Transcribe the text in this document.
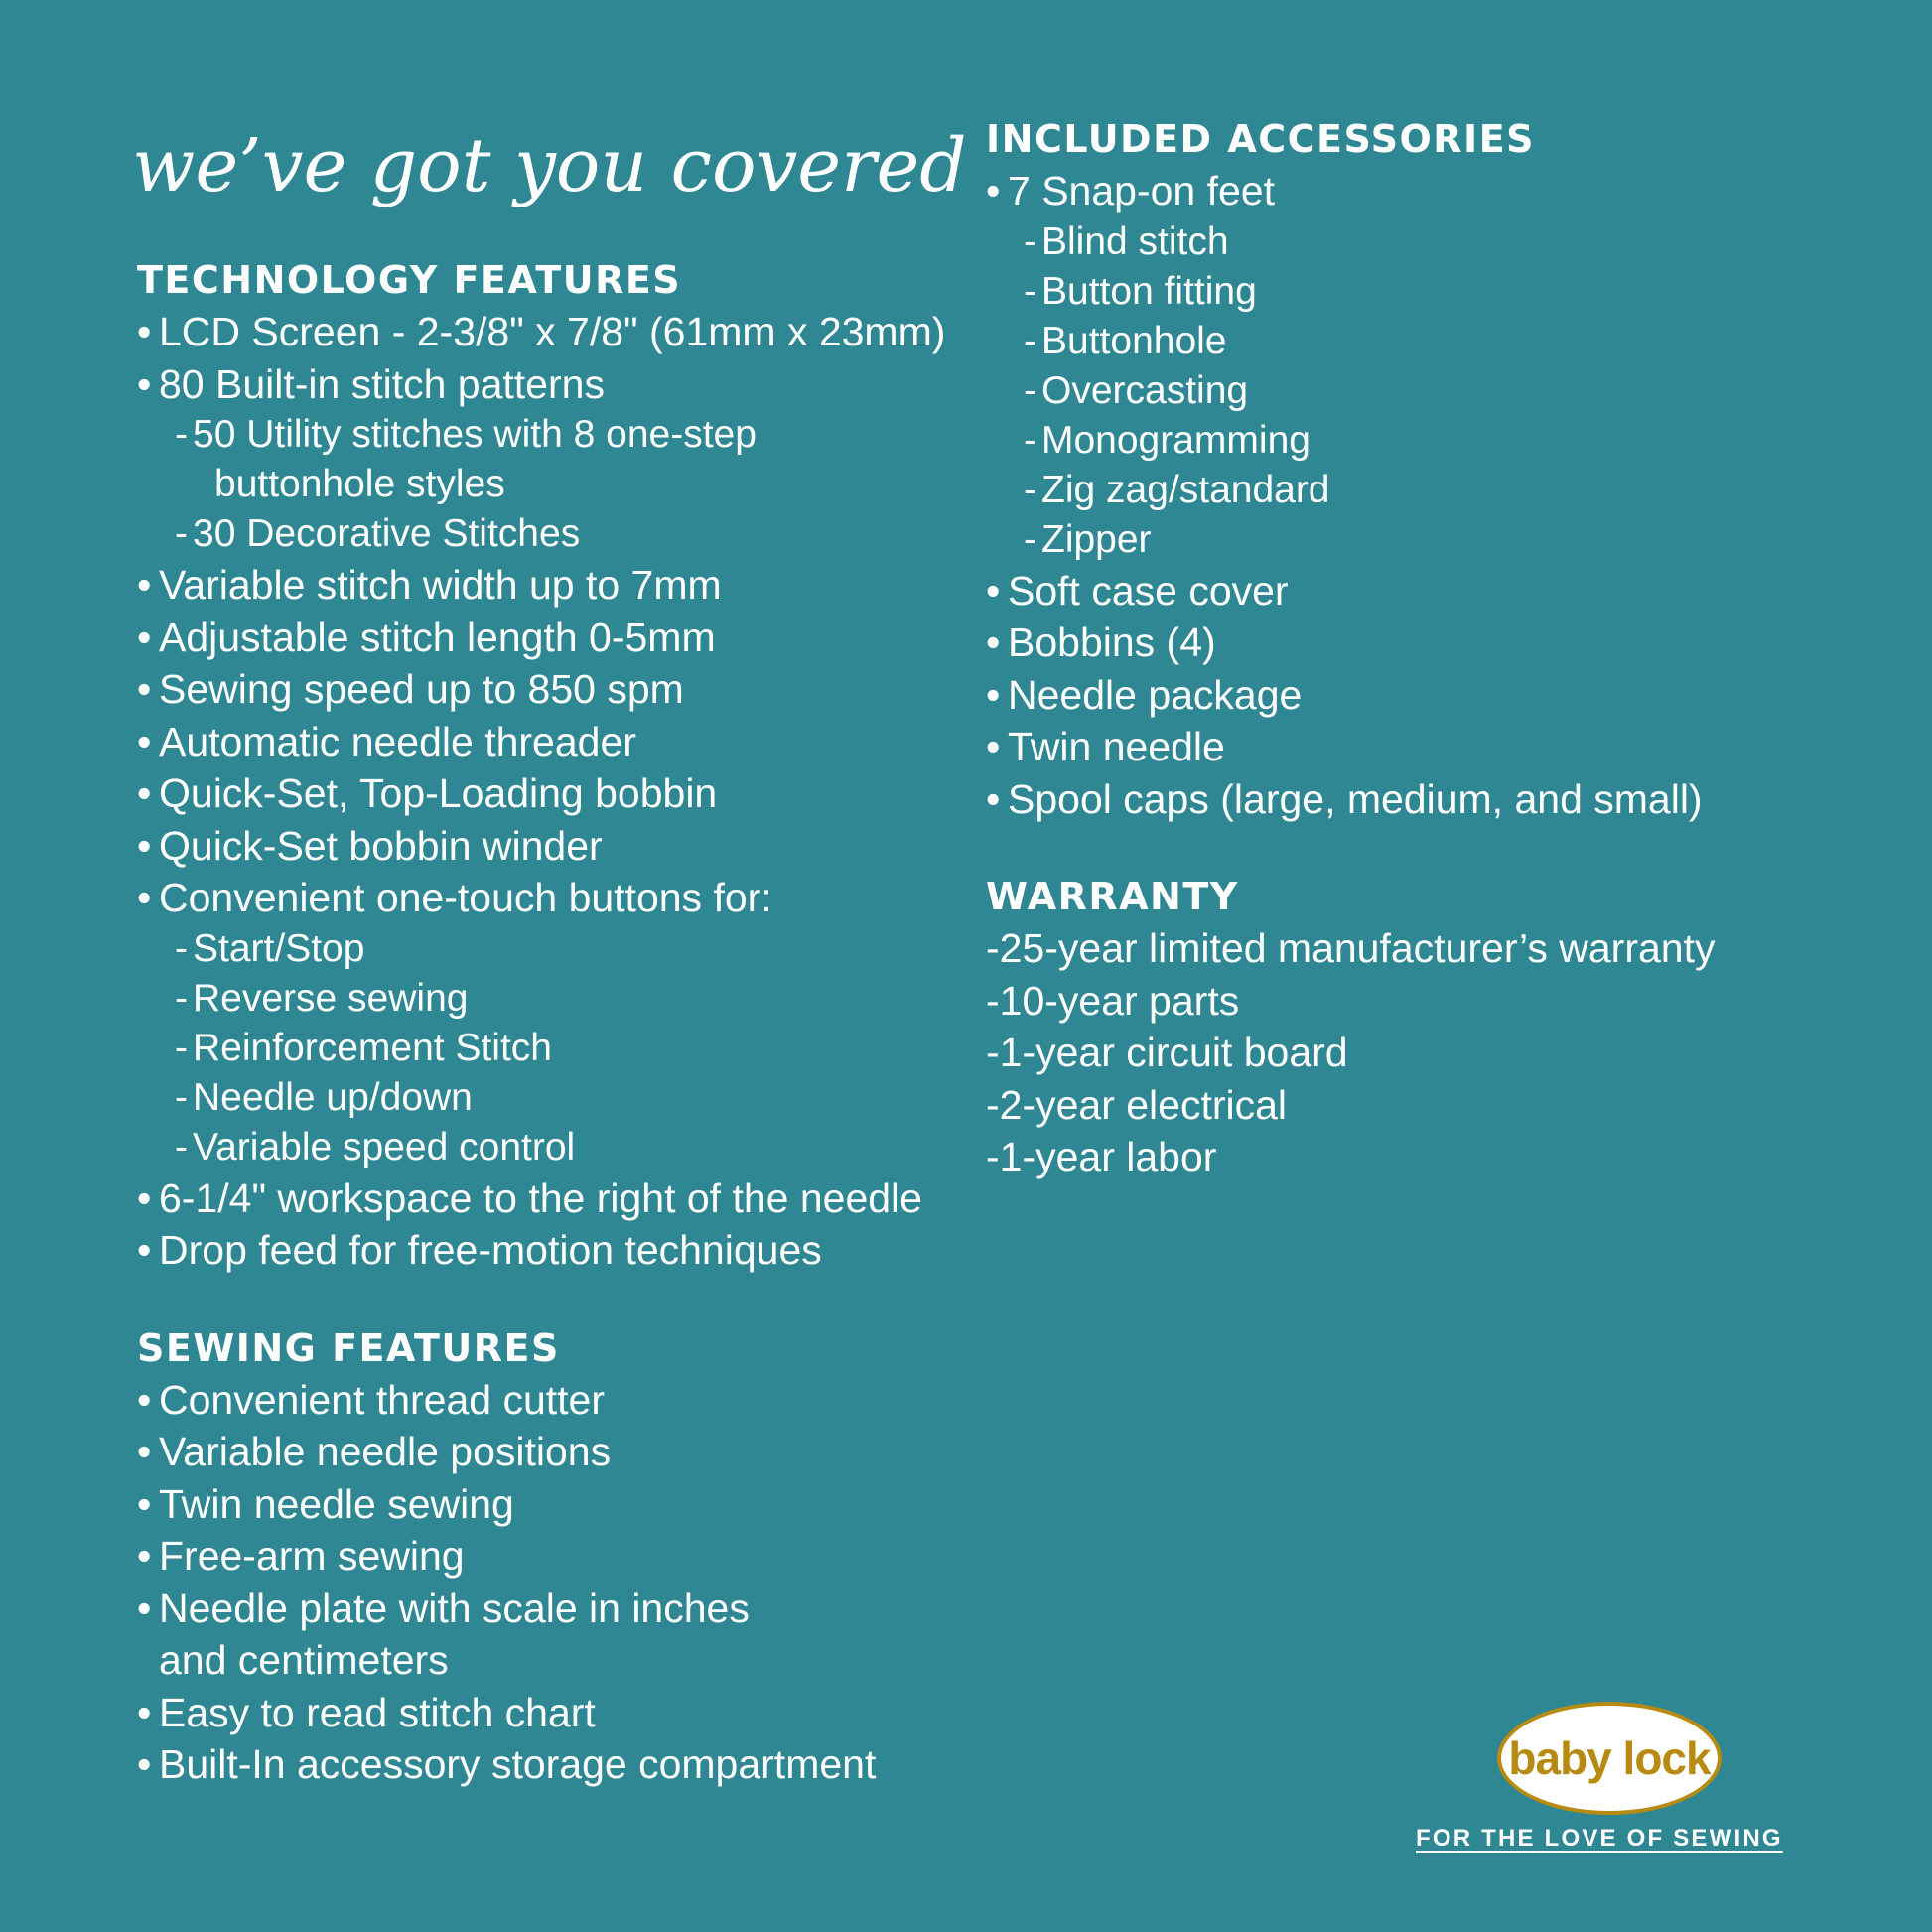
we’ve got you covered
TECHNOLOGY FEATURES
• LCD Screen - 2-3/8" x 7/8" (61mm x 23mm)
• 80 Built-in stitch patterns
- 50 Utility stitches with 8 one-step
buttonhole styles
- 30 Decorative Stitches
• Variable stitch width up to 7mm
• Adjustable stitch length 0-5mm
• Sewing speed up to 850 spm
• Automatic needle threader
• Quick-Set, Top-Loading bobbin
• Quick-Set bobbin winder
• Convenient one-touch buttons for:
- Start/Stop
- Reverse sewing
- Reinforcement Stitch
- Needle up/down
- Variable speed control
• 6-1/4" workspace to the right of the needle
• Drop feed for free-motion techniques
SEWING FEATURES
• Convenient thread cutter
• Variable needle positions
• Twin needle sewing
• Free-arm sewing
• Needle plate with scale in inches
and centimeters
• Easy to read stitch chart
• Built-In accessory storage compartment
INCLUDED ACCESSORIES
• 7 Snap-on feet
- Blind stitch
- Button fitting
- Buttonhole
- Overcasting
- Monogramming
- Zig zag/standard
- Zipper
• Soft case cover
• Bobbins (4)
• Needle package
• Twin needle
• Spool caps (large, medium, and small)
WARRANTY
-25-year limited manufacturer’s warranty
-10-year parts
-1-year circuit board
-2-year electrical
-1-year labor
baby lock
FOR THE LOVE OF SEWING
